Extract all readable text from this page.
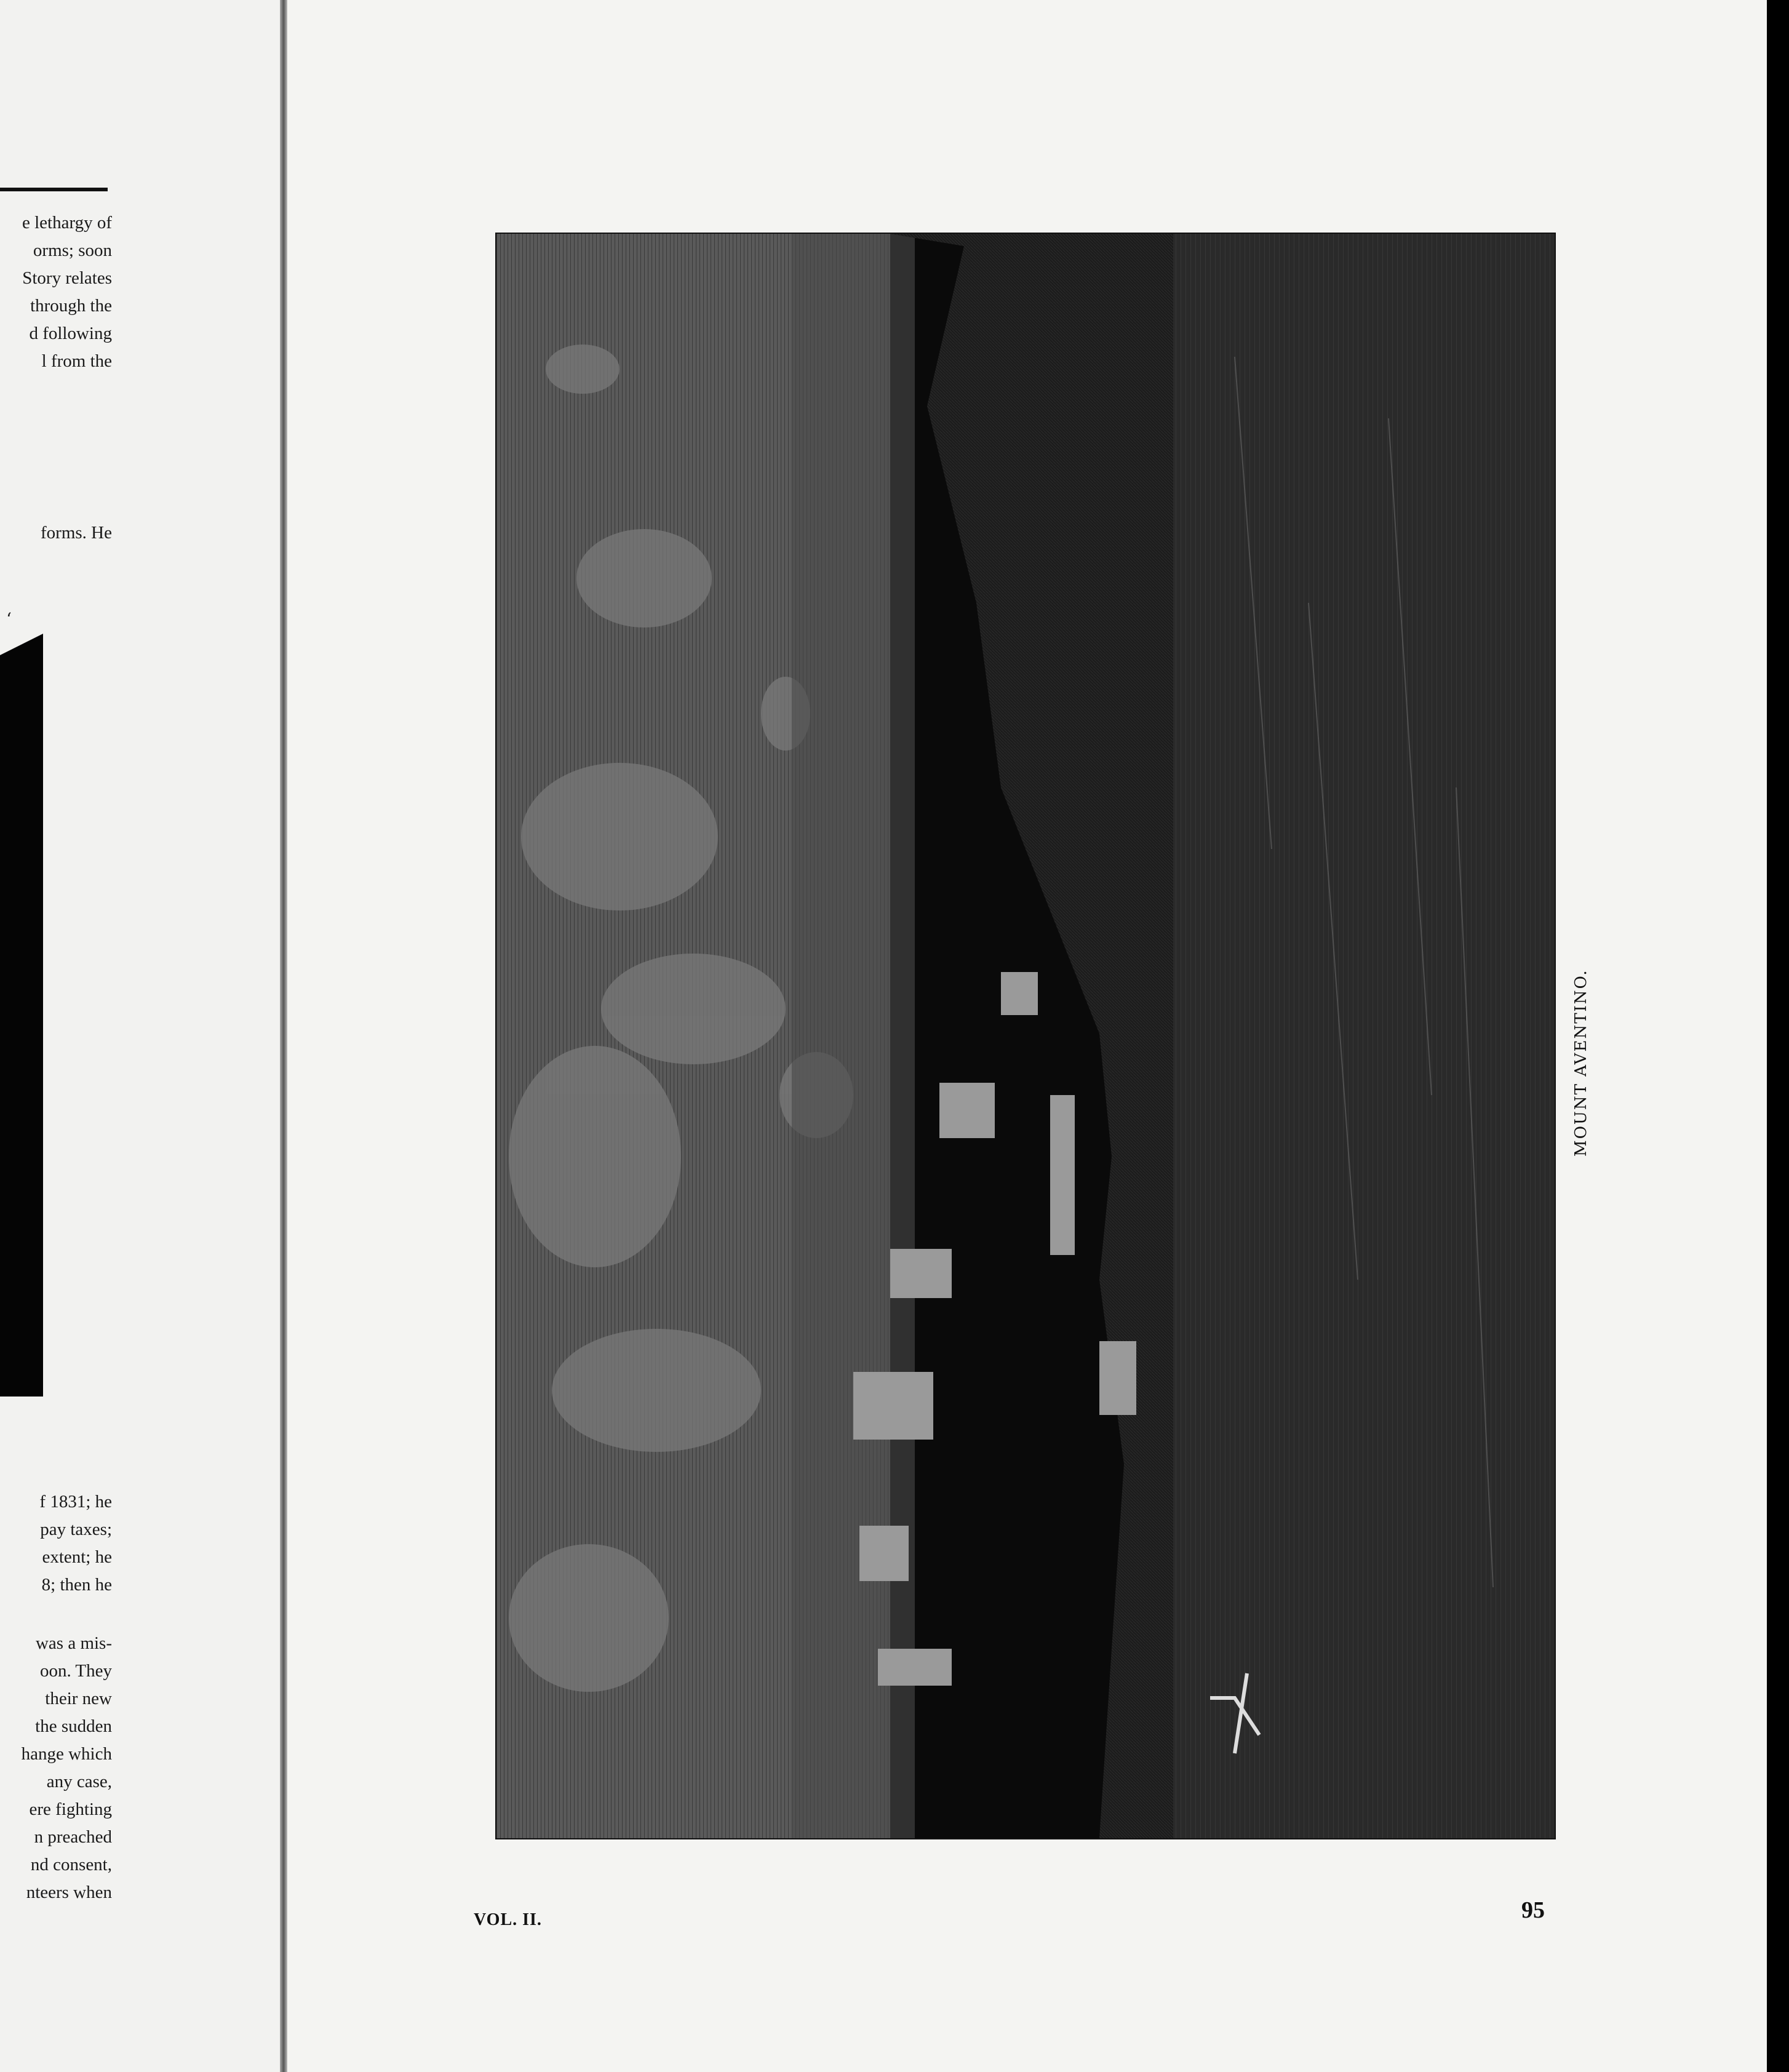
e lethargy of
orms; soon
Story relates
through the
d following
l from the
forms. He
‘
f 1831; he
pay taxes;
extent; he
8; then he
was a mis-
oon. They
their new
the sudden
hange which
any case,
ere fighting
n preached
nd consent,
nteers when
MOUNT AVENTINO.
VOL. II.	95
